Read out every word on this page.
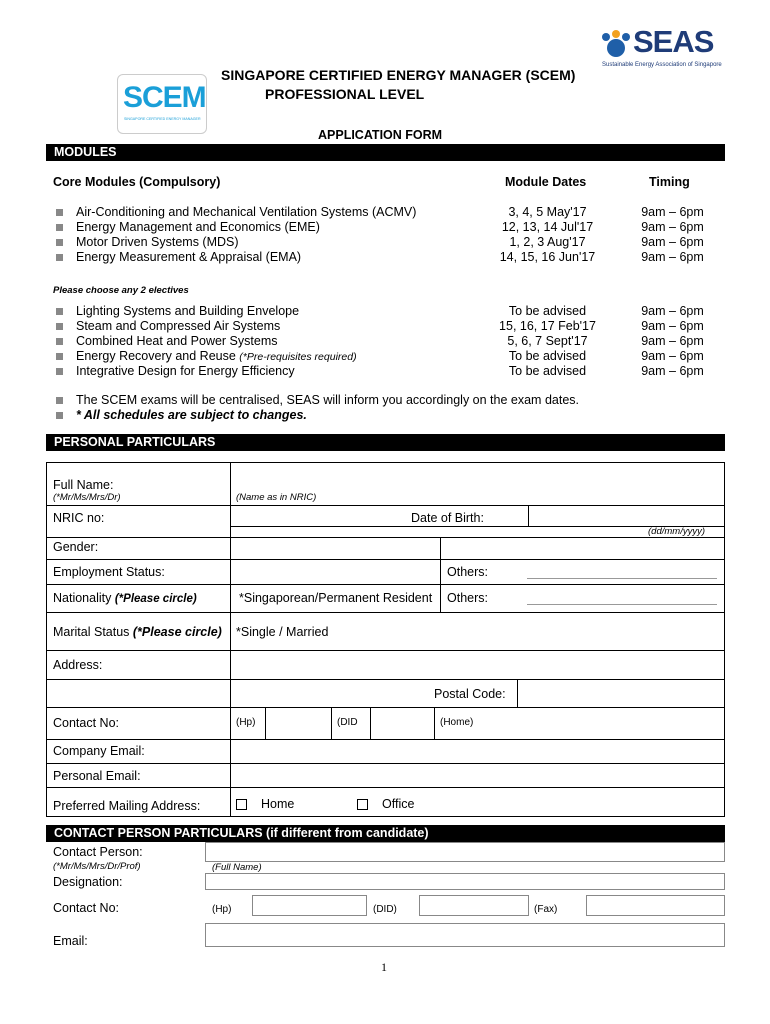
SEAS
Sustainable Energy Association of Singapore
SCEM
SINGAPORE CERTIFIED ENERGY MANAGER
SINGAPORE CERTIFIED ENERGY MANAGER (SCEM)
PROFESSIONAL LEVEL
APPLICATION FORM
MODULES
Core Modules (Compulsory)	Module Dates	Timing
Air-Conditioning and Mechanical Ventilation Systems (ACMV)	3, 4, 5 May'17	9am – 6pm
Energy Management and Economics (EME)	12, 13, 14 Jul'17	9am – 6pm
Motor Driven Systems (MDS)	1, 2, 3 Aug'17	9am – 6pm
Energy Measurement & Appraisal (EMA)	14, 15, 16 Jun'17	9am – 6pm
Please choose any 2 electives
Lighting Systems and Building Envelope	To be advised	9am – 6pm
Steam and Compressed Air Systems	15, 16, 17 Feb'17	9am – 6pm
Combined Heat and Power Systems	5, 6, 7 Sept'17	9am – 6pm
Energy Recovery and Reuse (*Pre-requisites required)	To be advised	9am – 6pm
Integrative Design for Energy Efficiency	To be advised	9am – 6pm
The SCEM exams will be centralised, SEAS will inform you accordingly on the exam dates.
* All schedules are subject to changes.
PERSONAL PARTICULARS
Full Name:
(*Mr/Ms/Mrs/Dr)	(Name as in NRIC)
NRIC no:	Date of Birth:
(dd/mm/yyyy)
Gender:
Employment Status:	Others:
Nationality (*Please circle)	*Singaporean/Permanent Resident Others:
Marital Status (*Please circle) *Single / Married
Address:
Postal Code:
Contact No:	(Hp)	(DID	(Home)
Company Email:
Personal Email:
Preferred Mailing Address:	Home	Office
CONTACT PERSON PARTICULARS (if different from candidate)
Contact Person:
(*Mr/Ms/Mrs/Dr/Prof)	(Full Name)
Designation:
Contact No:	(Hp)	(DID)	(Fax)
Email:
1
